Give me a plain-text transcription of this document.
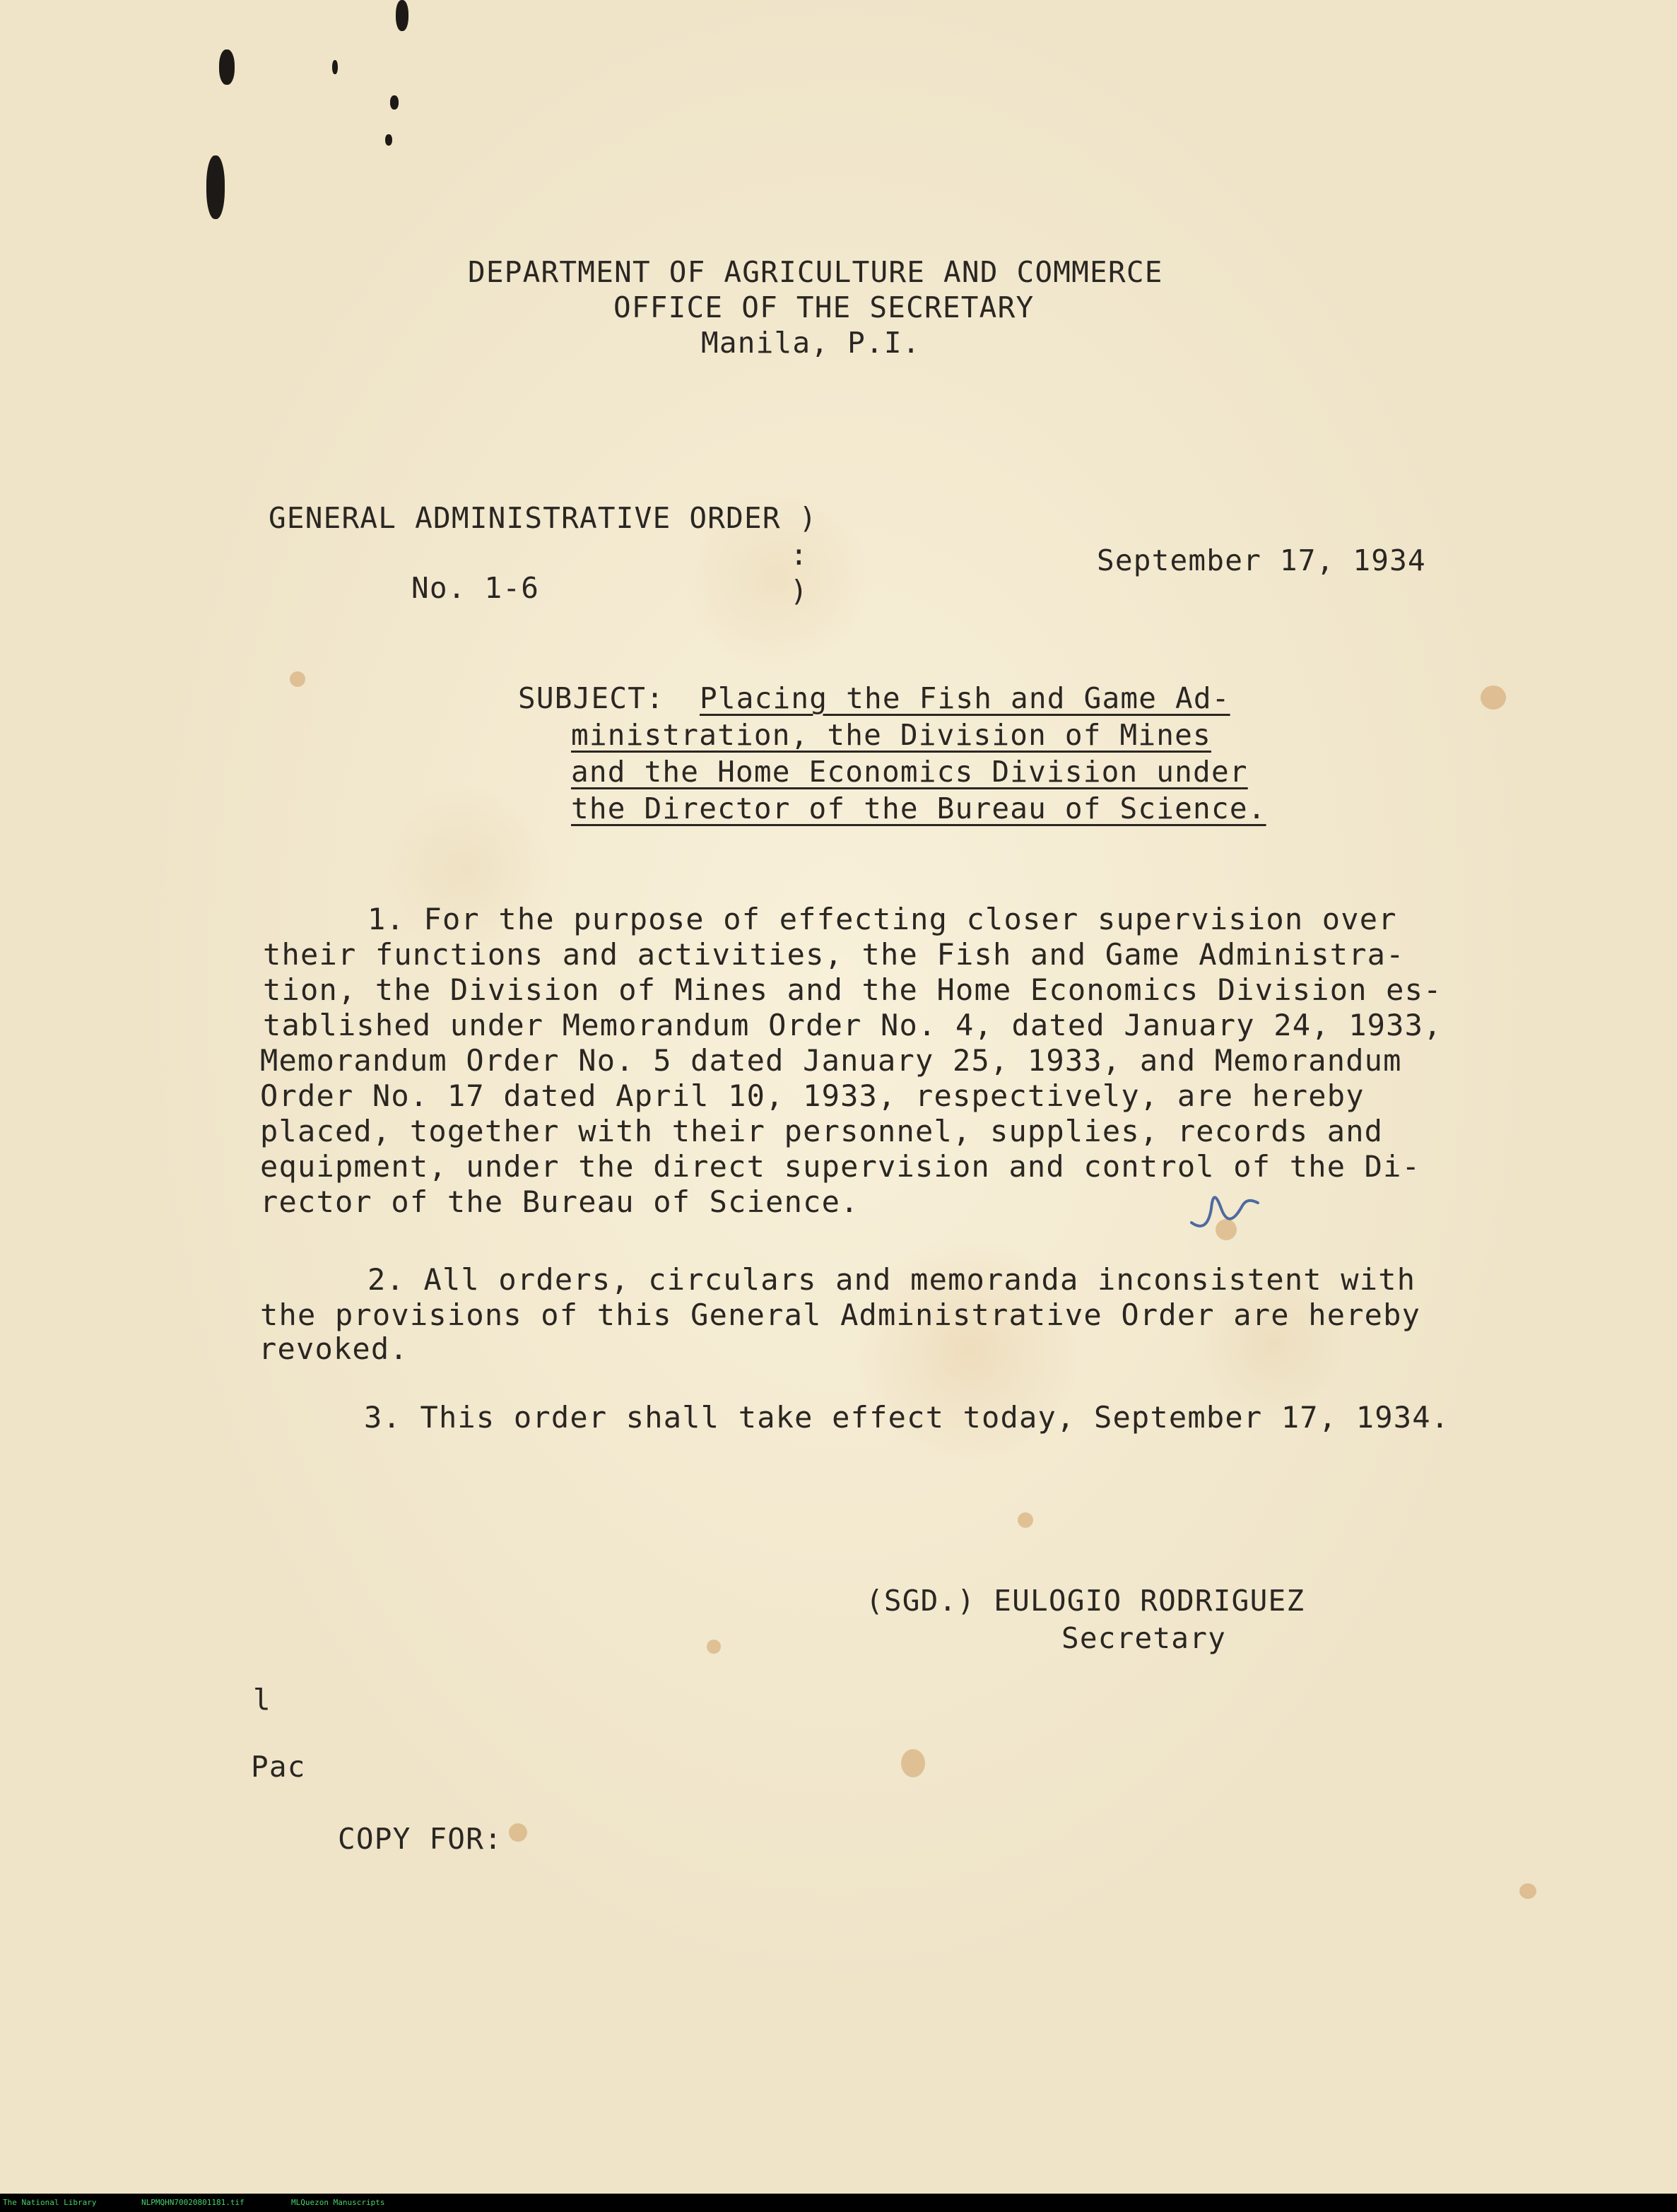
DEPARTMENT OF AGRICULTURE AND COMMERCE
OFFICE OF THE SECRETARY
Manila, P.I.
GENERAL ADMINISTRATIVE ORDER )
:
No. 1-6	)
September 17, 1934
SUBJECT: Placing the Fish and Game Ad-
ministration, the Division of Mines
and the Home Economics Division under
the Director of the Bureau of Science.
1. For the purpose of effecting closer supervision over
their functions and activities, the Fish and Game Administra-
tion, the Division of Mines and the Home Economics Division es-
tablished under Memorandum Order No. 4, dated January 24, 1933,
Memorandum Order No. 5 dated January 25, 1933, and Memorandum
Order No. 17 dated April 10, 1933, respectively, are hereby
placed, together with their personnel, supplies, records and
equipment, under the direct supervision and control of the Di-
rector of the Bureau of Science.
2. All orders, circulars and memoranda inconsistent with
the provisions of this General Administrative Order are hereby
revoked.
3. This order shall take effect today, September 17, 1934.
(SGD.) EULOGIO RODRIGUEZ
Secretary
l
Pac
COPY FOR:
The National Library	NLPMQHN70020801181.tif	MLQuezon Manuscripts
